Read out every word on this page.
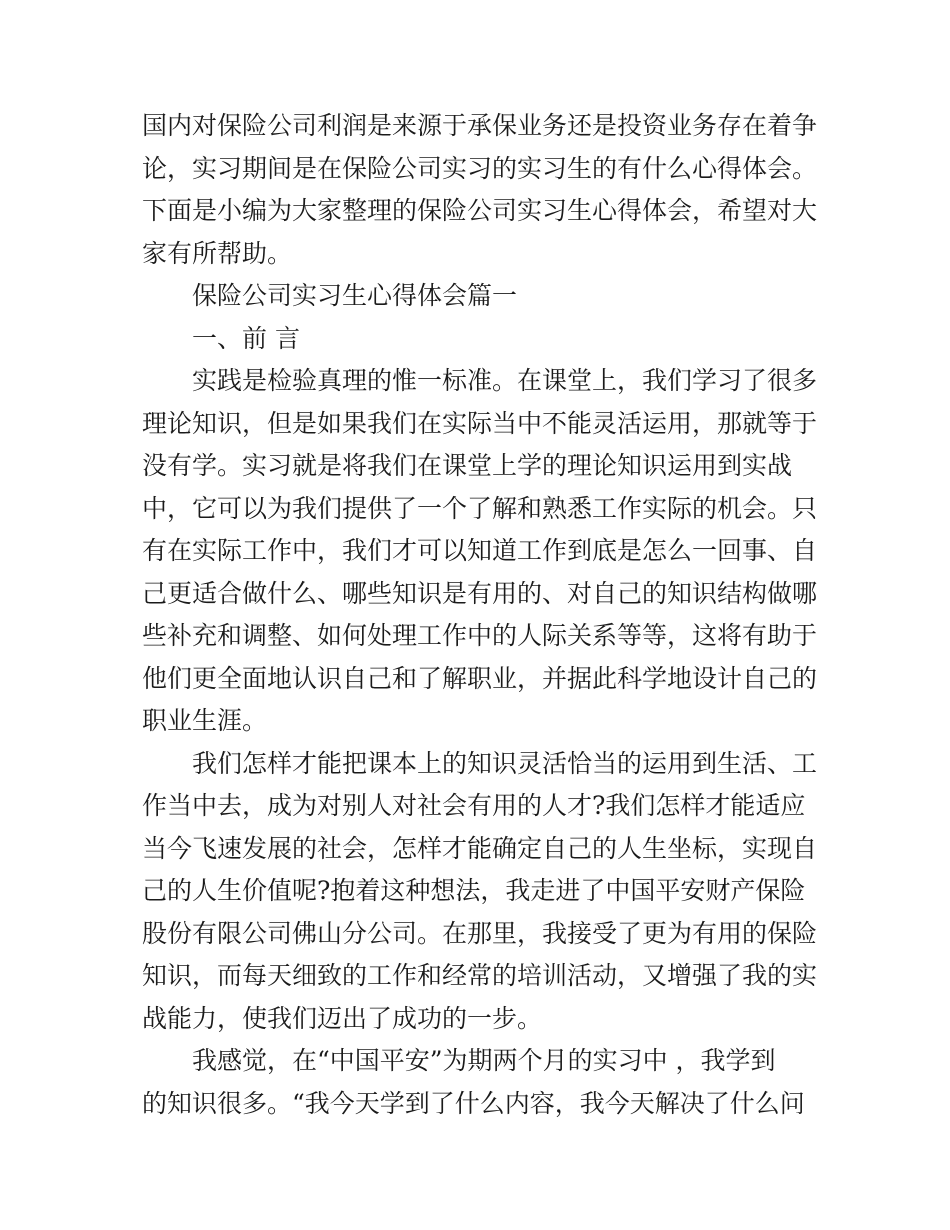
国内对保险公司利润是来源于承保业务还是投资业务存在着争
论，实习期间是在保险公司实习的实习生的有什么心得体会。
下面是小编为大家整理的保险公司实习生心得体会，希望对大
家有所帮助。
保险公司实习生心得体会篇一
一、前 言
实践是检验真理的惟一标准。在课堂上，我们学习了很多
理论知识，但是如果我们在实际当中不能灵活运用，那就等于
没有学。实习就是将我们在课堂上学的理论知识运用到实战
中，它可以为我们提供了一个了解和熟悉工作实际的机会。只
有在实际工作中，我们才可以知道工作到底是怎么一回事、自
己更适合做什么、哪些知识是有用的、对自己的知识结构做哪
些补充和调整、如何处理工作中的人际关系等等，这将有助于
他们更全面地认识自己和了解职业，并据此科学地设计自己的
职业生涯。
我们怎样才能把课本上的知识灵活恰当的运用到生活、工
作当中去，成为对别人对社会有用的人才?我们怎样才能适应
当今飞速发展的社会，怎样才能确定自己的人生坐标，实现自
己的人生价值呢?抱着这种想法，我走进了中国平安财产保险
股份有限公司佛山分公司。在那里，我接受了更为有用的保险
知识，而每天细致的工作和经常的培训活动，又增强了我的实
战能力，使我们迈出了成功的一步。
我感觉，在“中国平安”为期两个月的实习中 ，我学到
的知识很多。“我今天学到了什么内容，我今天解决了什么问
